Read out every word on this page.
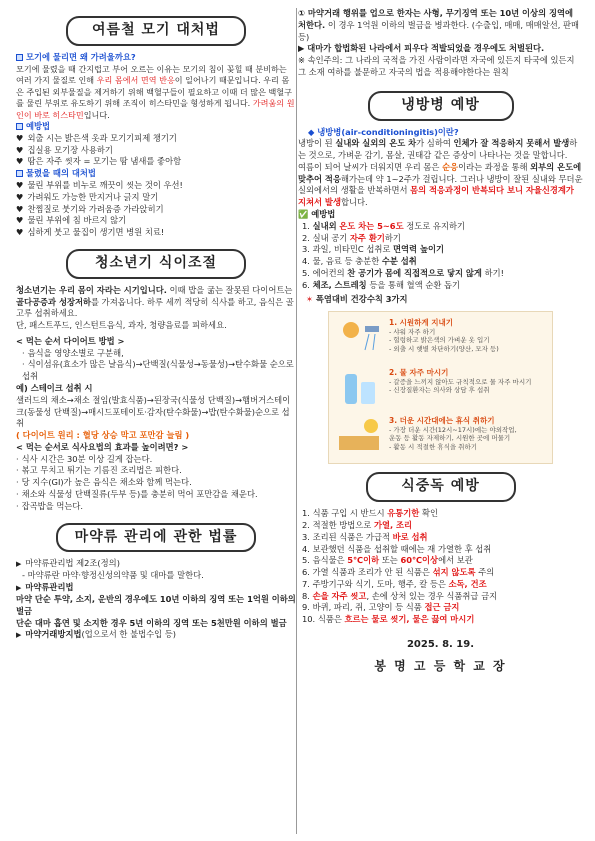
여름철 모기 대처법
모기에 물리면 왜 가려울까요?

모기에 물렸을 때 간지럽고 부어 오르는 이유는 모기의 침이 꽂힐 때 분비하는 여러 가지 물질로 인해 우리 몸에서 면역 반응이 일어나기 때문입니다. 우리 몸은 주입된 외부물질을 제거하기 위해 백혈구들이 필요하고 이때 더 많은 백혈구를 물린 부위로 유도하기 위해 조직이 히스타민을 형성하게 됩니다. 가려움의 원인이 바로 히스타민입니다.

예방법
♥ 외출 시는 밝은색 옷과 모기기피제 챙기기
♥ 집실용 모기장 사용하기
♥ 땀은 자주 씻자 = 모기는 땀 냄새를 좋아함
물렸을 때의 대처법
♥ 물린 부위를 비누로 깨끗이 씻는 것이 우선!
♥ 가려워도 가능한 만지거나 긁지 말기
♥ 찬찜질로 붓기와 가려움증 가라앉히기
♥ 물린 부위에 침 바르지 않기
♥ 심하게 붓고 물집이 생기면 병원 치료!
청소년기 식이조절

청소년기는 우리 몸이 자라는 시기입니다. 이때 밥을 굶는 잘못된 다이어트는 골다공증과 성장저하를 가져옵니다. 하루 세끼 적당히 식사를 하고, 음식은 골고루 섭취하세요.

단, 패스트푸드, 인스턴트음식, 과자, 청량음료를 피하세요.

< 먹는 순서 다이어트 방법 >

· 음식을 영양소별로 구분해,
· 식이섬유(효소가 많은 날음식)→단백질(식물성→동물성)→탄수화물 순으로 섭취

예) 스테이크 섭취 시

샐러드의 채소→채소 절임(발효식품)→된장국(식물성 단백질)→햄버거스테이크(동물성 단백질)→매시드포테이토·감자(탄수화물)→밥(탄수화물)순으로 섭취

( 다이어트 원리 : 혈당 상승 막고 포만감 늘림 )

< 먹는 순서로 식사요법의 효과를 높이려면? >

· 식사 시간은 30분 이상 길게 잡는다.
· 볶고 무치고 튀기는 기름진 조리법은 피한다.
· 당 지수(GI)가 높은 음식은 채소와 함께 먹는다.
· 채소와 식물성 단백질류(두부 등)를 충분히 먹어 포만감을 채운다.
· 잡곡밥을 먹는다.
마약류 관리에 관한 법률
▶ 마약류관리법 제2조(정의)
- 마약류란 마약·향정신성의약품 및 대마를 말한다.
▶ 마약류관리법

마약 단순 투약, 소지, 운반의 경우에도 10년 이하의 징역 또는 1억원 이하의 벌금

단순 대마 흡연 및 소지한 경우 5년 이하의 징역 또는 5천만원 이하의 벌금

▶ 마약거래방지법(업으로서 한 불법수입 등)

① 마약거래 행위를 업으로 한자는 사형, 무기징역 또는 10년 이상의 징역에 처한다. 이 경우 1억원 이하의 벌금을 병과한다. (수출입, 매매, 매매알선, 판매 등)

▶ 대마가 합법화된 나라에서 피우다 적발되었을 경우에도 처벌된다.

※ 속인주의: 그 나라의 국적을 가진 사람이라면 자국에 있든지 타국에 있든지 그 소재 여하를 불문하고 자국의 법을 적용해야한다는 원칙

냉방병 예방

◆ 냉방병(air-conditioningitis)이란?

냉방이 된 실내와 실외의 온도 차가 심하여 인체가 잘 적응하지 못해서 발생하는 것으로, 가벼운 감기, 몸살, 권태감 같은 증상이 나타나는 것을 말합니다.

여름이 되어 날씨가 더워지면 우리 몸은 순응이라는 과정을 통해 외부의 온도에 맞추어 적응해가는데 약 1~2주가 걸립니다. 그러나 냉방이 잘된 실내와 무더운 실외에서의 생활을 반복하면서 몸의 적응과정이 반복되다 보니 자율신경계가 지쳐서 발생합니다.

✅ 예방법

1. 실내외 온도 차는 5~6도 정도로 유지하기

2. 실내 공기 자주 환기하기

3. 과일, 비타민C 섭취로 면역력 높이기

4. 물, 음료 등 충분한 수분 섭취

5. 에어컨의 찬 공기가 몸에 직접적으로 닿지 않게 하기!

6. 체조, 스트레칭 등을 통해 혈액 순환 돕기

✶ 폭염대비 건강수칙 3가지

1. 시원하게 지내기
- 샤워 자주 하기
- 헐렁하고 밝은색의 가벼운 옷 입기
- 외출 시 햇볕 차단하기(양산, 모자 등)
2. 물 자주 마시기
- 갈증을 느끼지 않아도 규칙적으로 물 자주 마시기
- 신장질환자는 의사와 상담 후 섭취
3. 더운 시간대에는 휴식 취하기
- 가장 더운 시간(12시~17시)에는 야외작업,
운동 등 활동 자제하기, 시원한 곳에 머물기
- 활동 시 적절한 휴식을 취하기
식중독 예방

1. 식품 구입 시 반드시 유통기한 확인

2. 적절한 방법으로 가열, 조리

3. 조리된 식품은 가급적 바로 섭취

4. 보관했던 식품을 섭취할 때에는 재 가열한 후 섭취

5. 음식물은 5℃이하 또는 60℃이상에서 보관

6. 가열 식품과 조리가 안 된 식품은 섞지 않도록 주의

7. 주방기구와 식기, 도마, 행주, 칼 등은 소독, 건조

8. 손을 자주 씻고, 손에 상처 있는 경우 식품취급 금지

9. 바퀴, 파리, 쥐, 고양이 등 식품 접근 금지

10. 식품은 흐르는 물로 씻기, 물은 끓여 마시기

2025. 8. 19.

봉 명 고 등 학 교 장
